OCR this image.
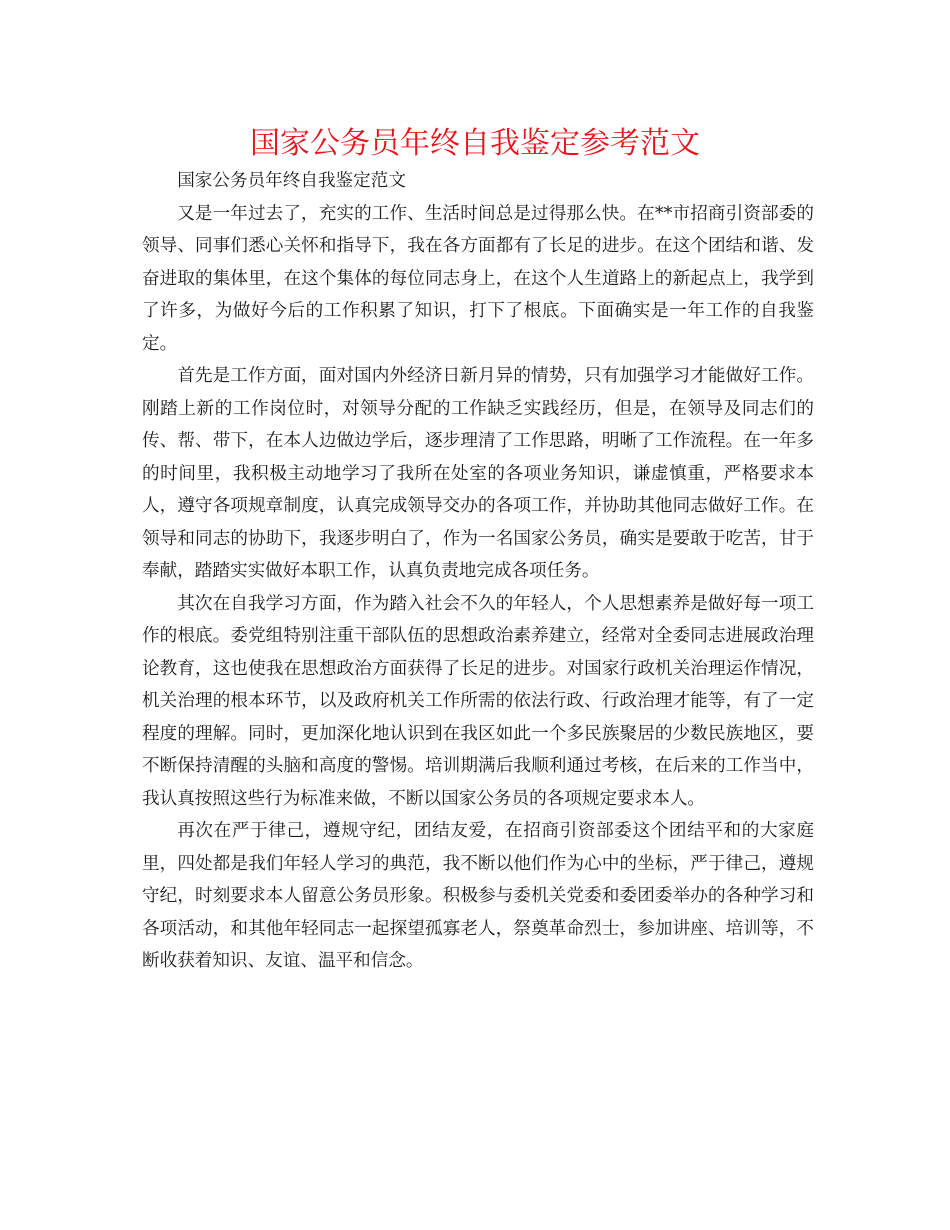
国家公务员年终自我鉴定参考范文

国家公务员年终自我鉴定范文

又是一年过去了，充实的工作、生活时间总是过得那么快。在**市招商引资部委的领导、同事们悉心关怀和指导下，我在各方面都有了长足的进步。在这个团结和谐、发奋进取的集体里，在这个集体的每位同志身上，在这个人生道路上的新起点上，我学到了许多，为做好今后的工作积累了知识，打下了根底。下面确实是一年工作的自我鉴定。

首先是工作方面，面对国内外经济日新月异的情势，只有加强学习才能做好工作。刚踏上新的工作岗位时，对领导分配的工作缺乏实践经历，但是，在领导及同志们的传、帮、带下，在本人边做边学后，逐步理清了工作思路，明晰了工作流程。在一年多的时间里，我积极主动地学习了我所在处室的各项业务知识，谦虚慎重，严格要求本人，遵守各项规章制度，认真完成领导交办的各项工作，并协助其他同志做好工作。在领导和同志的协助下，我逐步明白了，作为一名国家公务员，确实是要敢于吃苦，甘于奉献，踏踏实实做好本职工作，认真负责地完成各项任务。

其次在自我学习方面，作为踏入社会不久的年轻人，个人思想素养是做好每一项工作的根底。委党组特别注重干部队伍的思想政治素养建立，经常对全委同志进展政治理论教育，这也使我在思想政治方面获得了长足的进步。对国家行政机关治理运作情况，机关治理的根本环节，以及政府机关工作所需的依法行政、行政治理才能等，有了一定程度的理解。同时，更加深化地认识到在我区如此一个多民族聚居的少数民族地区，要不断保持清醒的头脑和高度的警惕。培训期满后我顺利通过考核，在后来的工作当中，我认真按照这些行为标准来做，不断以国家公务员的各项规定要求本人。

再次在严于律己，遵规守纪，团结友爱，在招商引资部委这个团结平和的大家庭里，四处都是我们年轻人学习的典范，我不断以他们作为心中的坐标，严于律己，遵规守纪，时刻要求本人留意公务员形象。积极参与委机关党委和委团委举办的各种学习和各项活动，和其他年轻同志一起探望孤寡老人，祭奠革命烈士，参加讲座、培训等，不断收获着知识、友谊、温平和信念。
